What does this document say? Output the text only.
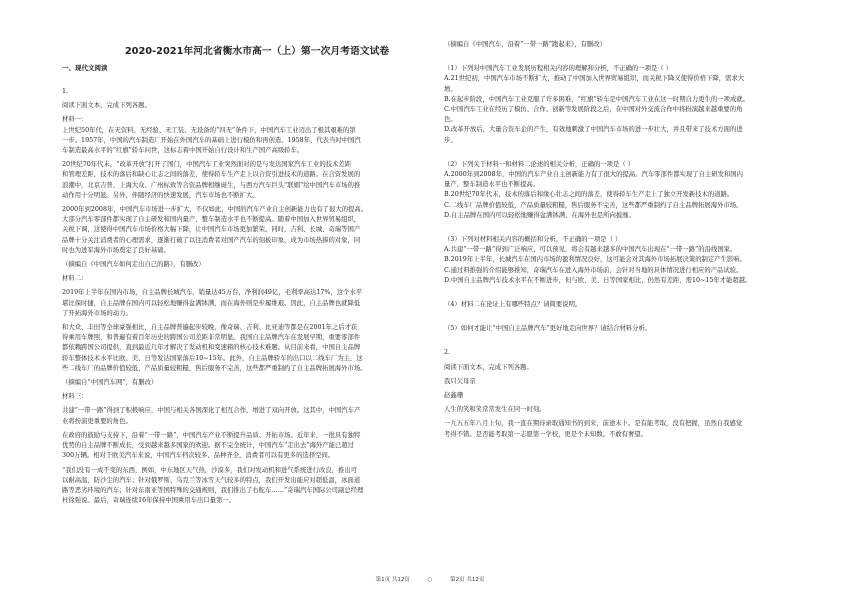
2020-2021年河北省衡水市高一（上）第一次月考语文试卷
一、现代文阅读
1.
阅读下面文本，完成下列各题。
材料一：
上世纪50年代，在无资料、无经验、无工装、无设备的“四无”条件下，中国汽车工业迈出了极其艰难的第
一步。1957年，中国的汽车制造厂开始在外国汽车的基础上进行模仿和再创造。1958年，代表当时中国汽
车制造最高水平的“红旗”轿车问世，这标志着中国开始自行设计和生产国产高级轿车。
20世纪70年代末，“改革开放”打开了国门，中国汽车工业突然面对的是与发达国家汽车工业的技术差距
和管理差距，技术的落后和缺心让志之间的落差，使得轿车生产走上以合资引进技术的道路。在合资发展的
浪潮中，北京吉普、上海大众、广州标致等合资品牌相继诞生，与西方汽车巨头“联姻”给中国汽车市场的推
动作用十分明显。另外，伴随经济的快速发展，汽车市场也不断扩大。
2000年到2008年，中国汽车市场进一步扩大，不仅如此，中国的汽车产业自主创新能力也有了很大的提高。
大部分汽车零部件都实现了自主研发和国内量产，整车制造水平也不断提高。随着中国加入世界贸易组织，
关税下调，这使得中国汽车市场价格大幅下降，让中国汽车市场更加繁荣。同时，吉利、长城、奇瑞等国产
品牌十分关注消费者的心理需求，逐渐打破了以往消费者对国产汽车的刻板印象，成为市场热捧的对象，同
时也为进军海外市场奠定了良好基础。
（摘编自《中国汽车如何走出自己的路》，有删改）
材料二：
2019年上半年在国内市场，自主品牌长城汽车，销量达45万台，净利润49亿，毛利率高达17%，这个水平
堪比保时捷，自主品牌在国内可以轻松地赚得盆满钵满，而在海外则是步履维艰。因此，自主品牌也就降低
了开拓海外市场的动力。
和大众、丰田等全球豪强相比，自主品牌普遍起步较晚，像奇瑞、吉利、比亚迪等都是在2001年之后才获
得乘用车牌照，和普遍有着百年历史的跨国公司差距非常明显。我国自主品牌汽车在发展早期，重要零部件
都依赖跨国公司提供，直到最近几年才解决了发动机和变速箱的核心技术难题。从目前来看，中国自主品牌
轿车整体技术水平比欧、美、日等发达国家落后10~15年。此外，自主品牌轿车的出口以二线车厂为主，这
些二线车厂的品牌价值较低，产品质量较粗糙，售后服务不完善，这些都严重制约了自主品牌拓展海外市场。
（摘编自“中国汽车网”，有删改）
材料三：
共建“一带一路”得到了积极响应，中国与相关各国深化了相互合作，增进了双向开放。这其中，中国汽车产
业将扮演更重要的角色。
在政府的鼓励与支持下，沿着“一带一路”，中国汽车产业不断提升品质、开拓市场。近年来，一批具有独特
优势的自主品牌不断成长，受到越来越多国家的欢迎。据不完全统计，中国汽车“走出去”海外产能已超过
300万辆。相对于欧美汽车来说，中国汽车档次较多、品种齐全，消费者可以有更多的选择空间。
“我们没有一成不变的东西，例如，中东地区天气热，沙漠多，我们对发动机和进气系统进行改良，推出可
以耐高温、防沙尘的汽车；针对俄罗斯、乌克兰等冰雪天气较多的特点，我们开发出能应对超低温，冰面道
路等恶劣环境的汽车；针对东南亚等国特殊的交通规则，我们推出了右舵车……”奇瑞汽车国际公司副总经理
杜徐强说。最后，奇瑞连续16年保持中国乘用车出口量第一。
（摘编自《中国汽车，沿着“一带一路”跑起来》，有删改）
（1）下列对中国汽车工业发展历程相关内容的理解和分析，不正确的一项是（ ）
A.21世纪初，中国汽车市场不断扩大，推动了中国加入世界贸易组织，而关税下降又使得价格下降，需求大
增。
B.在起步阶段，中国汽车工业克服了许多困难，“红旗”轿车是中国汽车工业在这一时期自力更生的一项成就。
C.中国汽车工业在经历了模仿、合作、创新等发展阶段之后，在中国对外交流合作中将扮演越来越重要的角
色。
D.改革开放后，大量合资车企的产生，有效地刺激了中国汽车市场的进一步壮大，并且带来了技术方面的进
步。
（2）下列关于材料一和材料二论述的相关分析，正确的一项是（ ）
A.2000年到2008年，中国的汽车产业自主创新能力有了很大的提高。汽车零部件都实现了自主研发和国内
量产，整车制造水平也不断提高。
B.20世纪70年代末，技术的落后和缘心壮志之间的落差，使得轿车生产走上了独立开发新技术的道路。
C.二线车厂品牌价值较低，产品质量较粗糙，售后服务不完善，这些都严重制约了自主品牌拓展海外市场。
D.自主品牌在国内可以轻松地赚得盆满钵满，在海外也是所向披靡。
（3）下列对材料相关内容的概括和分析，不正确的一项是（ ）
A.共建“一带一路”得到广泛响应，可以预见，将会有越来越多的中国汽车出现在“一带一路”的沿线国家。
B.2019年上半年，长城汽车在国内市场的盈利情况良好，这可能会对其海外市场拓展决策的制定产生影响。
C.通过料推强的介绍能够推知，奇瑞汽车在进入海外市场前，会针对当地的具体情况进行相应的产品试验。
D.中国自主品牌汽车技术水平在不断进步，但与欧、美、日等国家相比，仍然有差距，需10~15年才能超越。
（4）材料二在论证上有哪些特点？请简要说明。
（5）如何才能让“中国自主品牌汽车”更好地走向世界？请结合材料分析。
2.
阅读下面文本，完成下列各题。
我只欠母亲
赵鑫珊
人生的笑和笑常常发生在同一时刻。
一九五五年八月上旬，我一直在期待录取通知书的到来，前途未卜。是有能考取，没有把握，虽然自我感觉
考得不错。是否能考取第一志愿第一学校，更是个未知数。不敢有奢望。
第1页 共12页	○	第2页 共12页
